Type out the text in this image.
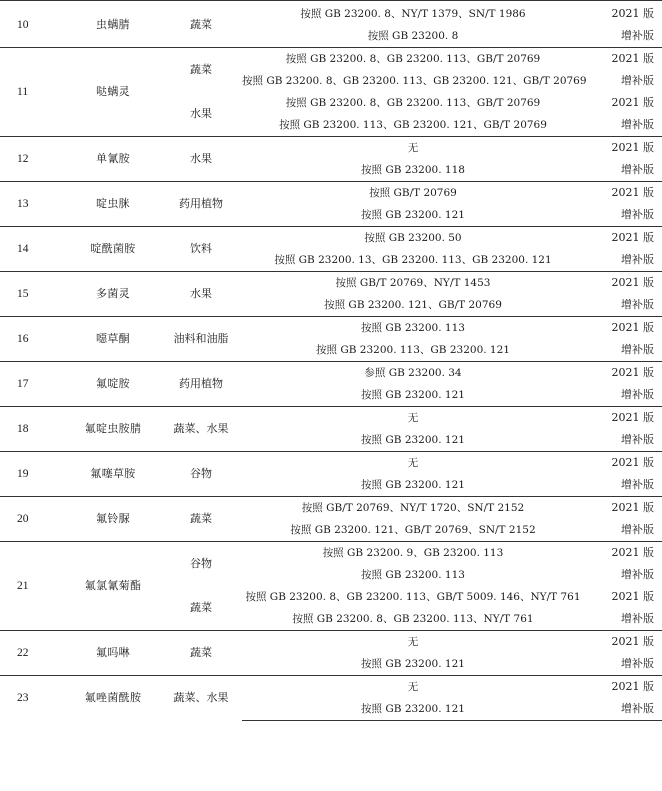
10	虫螨腈	蔬菜	按照 GB 23200. 8、NY/T 1379、SN/T 1986	2021 版
			按照 GB 23200. 8	增补版
11	哒螨灵	蔬菜	按照 GB 23200. 8、GB 23200. 113、GB/T 20769	2021 版
			按照 GB 23200. 8、GB 23200. 113、GB 23200. 121、GB/T 20769	增补版
		水果	按照 GB 23200. 8、GB 23200. 113、GB/T 20769	2021 版
			按照 GB 23200. 113、GB 23200. 121、GB/T 20769	增补版
12	单氰胺	水果	无	2021 版
			按照 GB 23200. 118	增补版
13	啶虫脒	药用植物	按照 GB/T 20769	2021 版
			按照 GB 23200. 121	增补版
14	啶酰菌胺	饮料	按照 GB 23200. 50	2021 版
			按照 GB 23200. 13、GB 23200. 113、GB 23200. 121	增补版
15	多菌灵	水果	按照 GB/T 20769、NY/T 1453	2021 版
			按照 GB 23200. 121、GB/T 20769	增补版
16	噁草酮	油料和油脂	按照 GB 23200. 113	2021 版
			按照 GB 23200. 113、GB 23200. 121	增补版
17	氟啶胺	药用植物	参照 GB 23200. 34	2021 版
			按照 GB 23200. 121	增补版
18	氟啶虫胺腈	蔬菜、水果	无	2021 版
			按照 GB 23200. 121	增补版
19	氟噻草胺	谷物	无	2021 版
			按照 GB 23200. 121	增补版
20	氟铃脲	蔬菜	按照 GB/T 20769、NY/T 1720、SN/T 2152	2021 版
			按照 GB 23200. 121、GB/T 20769、SN/T 2152	增补版
21	氟氯氰菊酯	谷物	按照 GB 23200. 9、GB 23200. 113	2021 版
			按照 GB 23200. 113	增补版
		蔬菜	按照 GB 23200. 8、GB 23200. 113、GB/T 5009. 146、NY/T 761	2021 版
			按照 GB 23200. 8、GB 23200. 113、NY/T 761	增补版
22	氟吗啉	蔬菜	无	2021 版
			按照 GB 23200. 121	增补版
23	氟唑菌酰胺	蔬菜、水果	无	2021 版
			按照 GB 23200. 121	增补版
